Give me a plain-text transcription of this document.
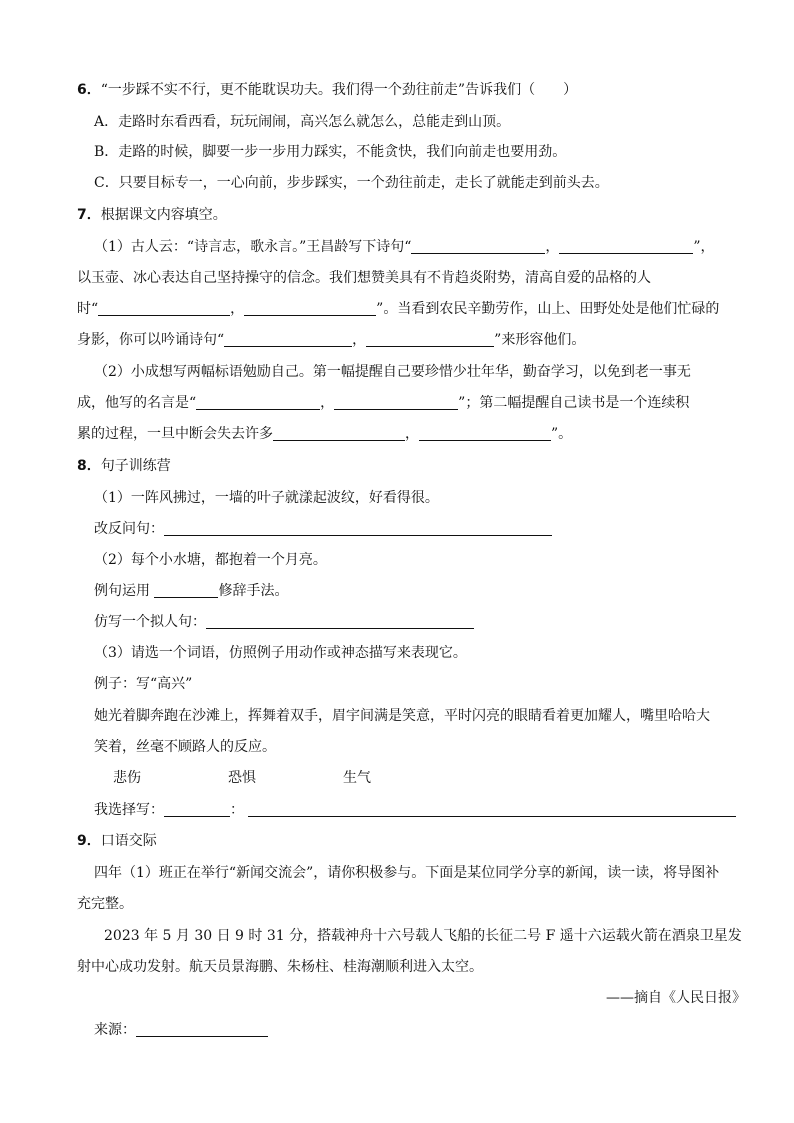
6．“一步踩不实不行，更不能耽误功夫。我们得一个劲往前走”告诉我们（　　）
A．走路时东看西看，玩玩闹闹，高兴怎么就怎么，总能走到山顶。
B．走路的时候，脚要一步一步用力踩实，不能贪快，我们向前走也要用劲。
C．只要目标专一，一心向前，步步踩实，一个劲往前走，走长了就能走到前头去。
7．根据课文内容填空。
（1）古人云：“诗言志，歌永言。”王昌龄写下诗句“	，	”，
以玉壶、冰心表达自己坚持操守的信念。我们想赞美具有不肯趋炎附势，清高自爱的品格的人
时“	，	”。当看到农民辛勤劳作，山上、田野处处是他们忙碌的
身影，你可以吟诵诗句“	，	”来形容他们。
（2）小成想写两幅标语勉励自己。第一幅提醒自己要珍惜少壮年华，勤奋学习，以免到老一事无
成，他写的名言是“	，	”；第二幅提醒自己读书是一个连续积
累的过程，一旦中断会失去许多	，	”。
8．句子训练营
（1）一阵风拂过，一墙的叶子就漾起波纹，好看得很。
改反问句：
（2）每个小水塘，都抱着一个月亮。
例句运用	修辞手法。
仿写一个拟人句：
（3）请选一个词语，仿照例子用动作或神态描写来表现它。
例子：写“高兴”
她光着脚奔跑在沙滩上，挥舞着双手，眉宇间满是笑意，平时闪亮的眼睛看着更加耀人，嘴里哈哈大
笑着，丝毫不顾路人的反应。
悲伤	恐惧	生气
我选择写：	：
9．口语交际
四年（1）班正在举行“新闻交流会”，请你积极参与。下面是某位同学分享的新闻，读一读，将导图补
充完整。
2023 年 5 月 30 日 9 时 31 分，搭载神舟十六号载人飞船的长征二号 F 遥十六运载火箭在酒泉卫星发
射中心成功发射。航天员景海鹏、朱杨柱、桂海潮顺利进入太空。
——摘自《人民日报》
来源：
